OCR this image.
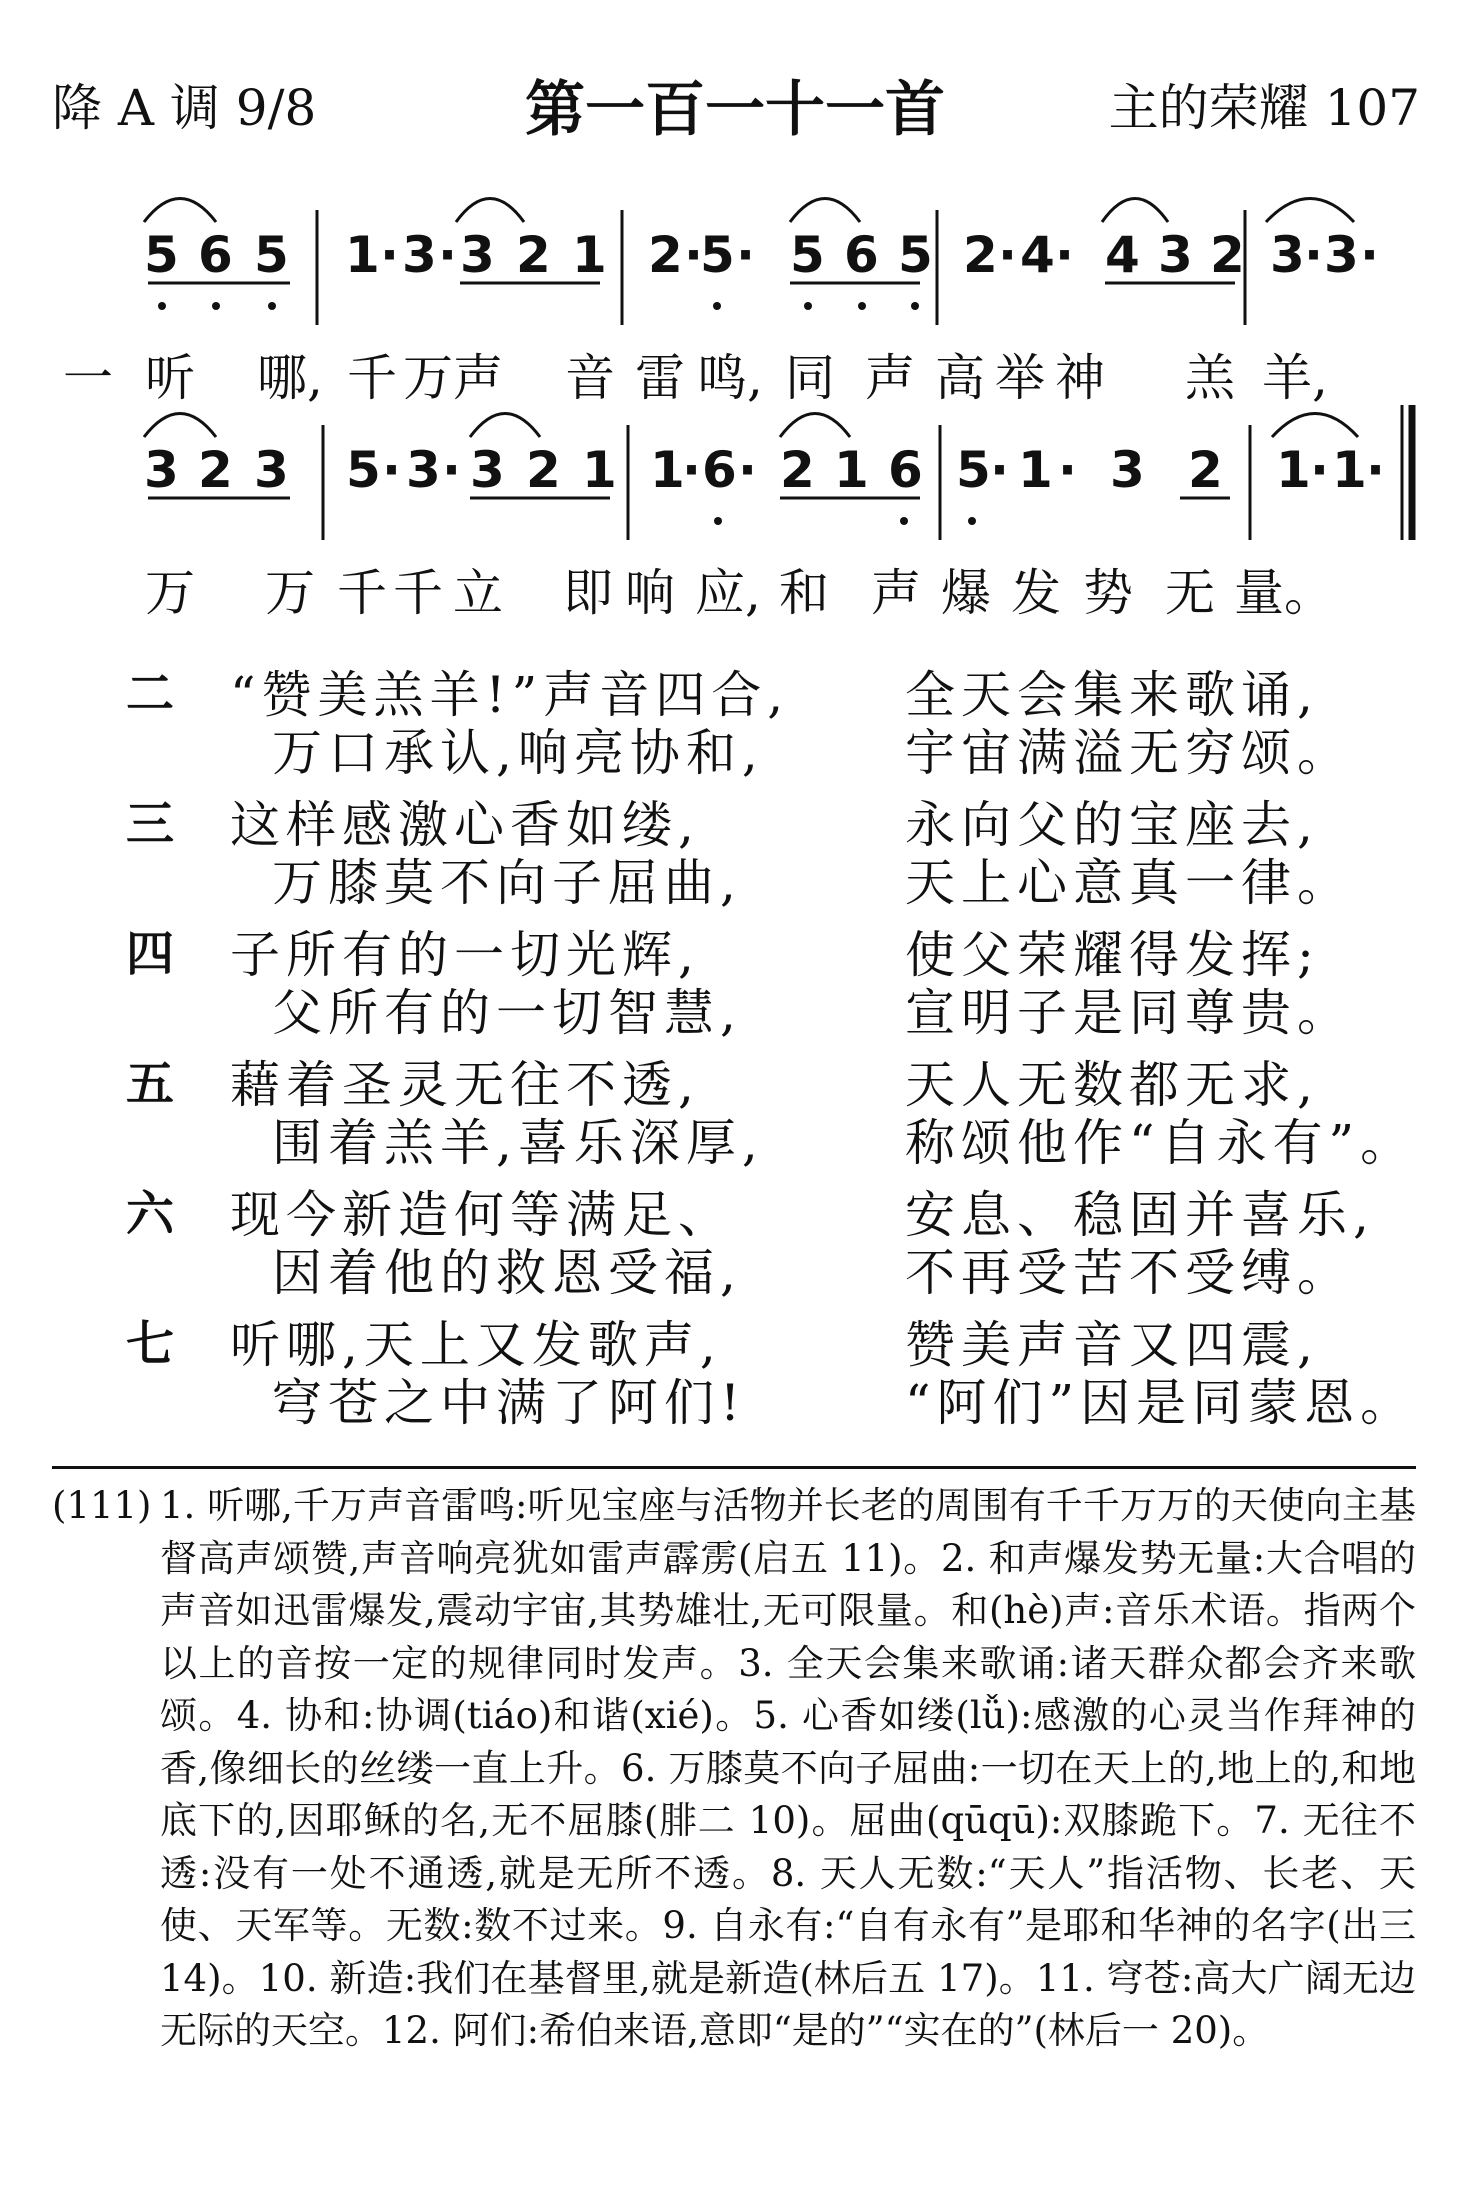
降 A 调 9/8	第一百一十一首	主的荣耀 107
5 6 5 1 · 3 · 3 2 1 2 ·
5 · 5 6 5 2 · 4 · 4 3 2 3 · 3 ·
一 听 哪, 千 万 声 音 雷 鸣, 同 声 高 举 神 羔 羊,
3 2 3 5 · 3 · 3 2 1 1
· 6 · 2 1 6 5 · 1 · 3 2 1 · 1 ·
万 万 千 千 立 即 响 应, 和 声 爆 发 势 无 量。
二 “赞美羔羊!”声音四合, 全天会集来歌诵,
万口承认,响亮协和,	宇宙满溢无穷颂。
三 这样感激心香如缕,	永向父的宝座去,
万膝莫不向子屈曲,	天上心意真一律。
四 子所有的一切光辉,	使父荣耀得发挥;
父所有的一切智慧,	宣明子是同尊贵。
五 藉着圣灵无往不透,	天人无数都无求,
围着羔羊,喜乐深厚,	称颂他作“自永有”。
六 现今新造何等满足、	安息、稳固并喜乐,
因着他的救恩受福,	不再受苦不受缚。
七 听哪,天上又发歌声,	赞美声音又四震,
穹苍之中满了阿们!	“阿们”因是同蒙恩。
(111) 1. 听哪,千万声音雷鸣:听见宝座与活物并长老的周围有千千万万的天使向主基督高声颂赞,声音响亮犹如雷声霹雳(启五 11)。2. 和声爆发势无量:大合唱的声音如迅雷爆发,震动宇宙,其势雄壮,无可限量。和(hè)声:音乐术语。指两个以上的音按一定的规律同时发声。3. 全天会集来歌诵:诸天群众都会齐来歌颂。4. 协和:协调(tiáo)和谐(xié)。5. 心香如缕(lǚ):感激的心灵当作拜神的香,像细长的丝缕一直上升。6. 万膝莫不向子屈曲:一切在天上的,地上的,和地底下的,因耶稣的名,无不屈膝(腓二 10)。屈曲(qūqū):双膝跪下。7. 无往不透:没有一处不通透,就是无所不透。8. 天人无数:“天人”指活物、长老、天使、天军等。无数:数不过来。9. 自永有:“自有永有”是耶和华神的名字(出三 14)。10. 新造:我们在基督里,就是新造(林后五 17)。11. 穹苍:高大广阔无边无际的天空。12. 阿们:希伯来语,意即“是的”“实在的”(林后一 20)。
